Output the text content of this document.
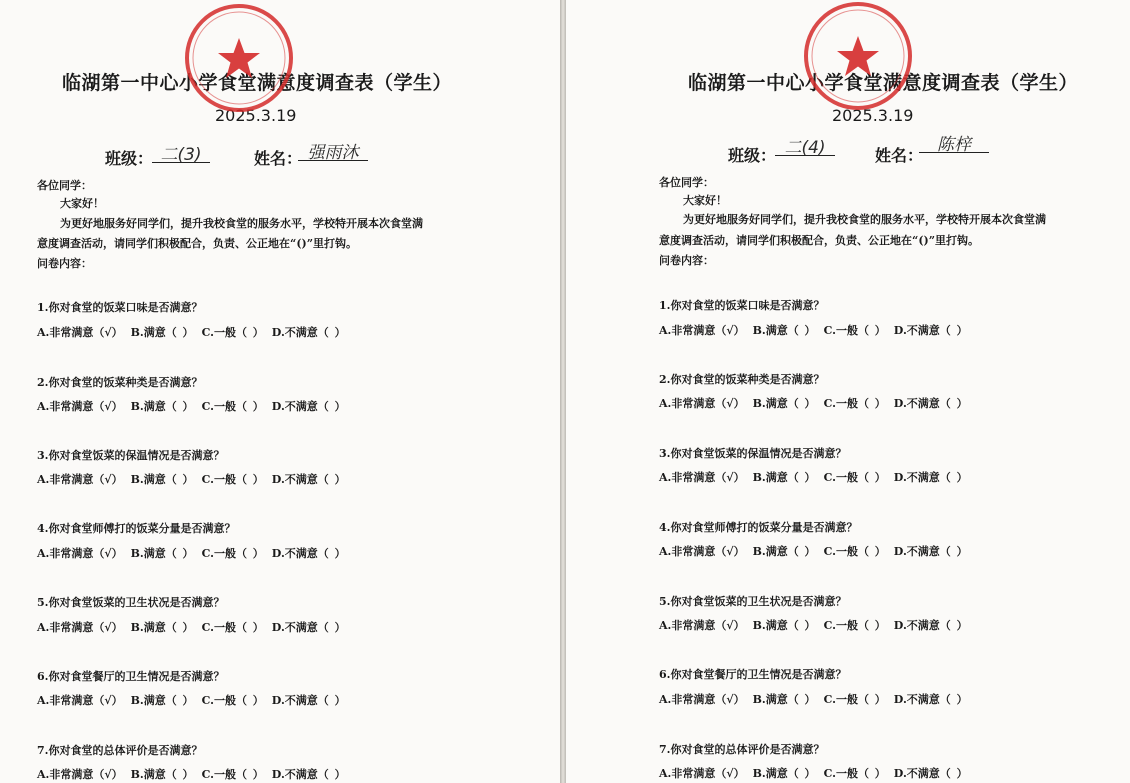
临湖第一中心小学食堂满意度调查表（学生）
2025.3.19
班级： 二(3)	姓名： 强雨沐
各位同学：
大家好！
为更好地服务好同学们，提升我校食堂的服务水平，学校特开展本次食堂满
意度调查活动，请同学们积极配合，负责、公正地在“()”里打钩。
问卷内容：
1.你对食堂的饭菜口味是否满意？
A.非常满意（√） B.满意（ ） C.一般（ ） D.不满意（ ）
2.你对食堂的饭菜种类是否满意？
A.非常满意（√） B.满意（ ） C.一般（ ） D.不满意（ ）
3.你对食堂饭菜的保温情况是否满意？
A.非常满意（√） B.满意（ ） C.一般（ ） D.不满意（ ）
4.你对食堂师傅打的饭菜分量是否满意？
A.非常满意（√） B.满意（ ） C.一般（ ） D.不满意（ ）
5.你对食堂饭菜的卫生状况是否满意？
A.非常满意（√） B.满意（ ） C.一般（ ） D.不满意（ ）
6.你对食堂餐厅的卫生情况是否满意？
A.非常满意（√） B.满意（ ） C.一般（ ） D.不满意（ ）
7.你对食堂的总体评价是否满意？
A.非常满意（√） B.满意（ ） C.一般（ ） D.不满意（ ）
临湖第一中心小学食堂满意度调查表（学生）
2025.3.19
班级： 二(4)	姓名：
陈梓
各位同学：
大家好！
为更好地服务好同学们，提升我校食堂的服务水平，学校特开展本次食堂满
意度调查活动，请同学们积极配合，负责、公正地在“()”里打钩。
问卷内容：
1.你对食堂的饭菜口味是否满意？
A.非常满意（√） B.满意（ ） C.一般（ ） D.不满意（ ）
2.你对食堂的饭菜种类是否满意？
A.非常满意（√） B.满意（ ） C.一般（ ） D.不满意（ ）
3.你对食堂饭菜的保温情况是否满意？
A.非常满意（√） B.满意（ ） C.一般（ ） D.不满意（ ）
4.你对食堂师傅打的饭菜分量是否满意？
A.非常满意（√） B.满意（ ） C.一般（ ） D.不满意（ ）
5.你对食堂饭菜的卫生状况是否满意？
A.非常满意（√） B.满意（ ） C.一般（ ） D.不满意（ ）
6.你对食堂餐厅的卫生情况是否满意？
A.非常满意（√） B.满意（ ） C.一般（ ） D.不满意（ ）
7.你对食堂的总体评价是否满意？
A.非常满意（√） B.满意（ ） C.一般（ ） D.不满意（ ）
